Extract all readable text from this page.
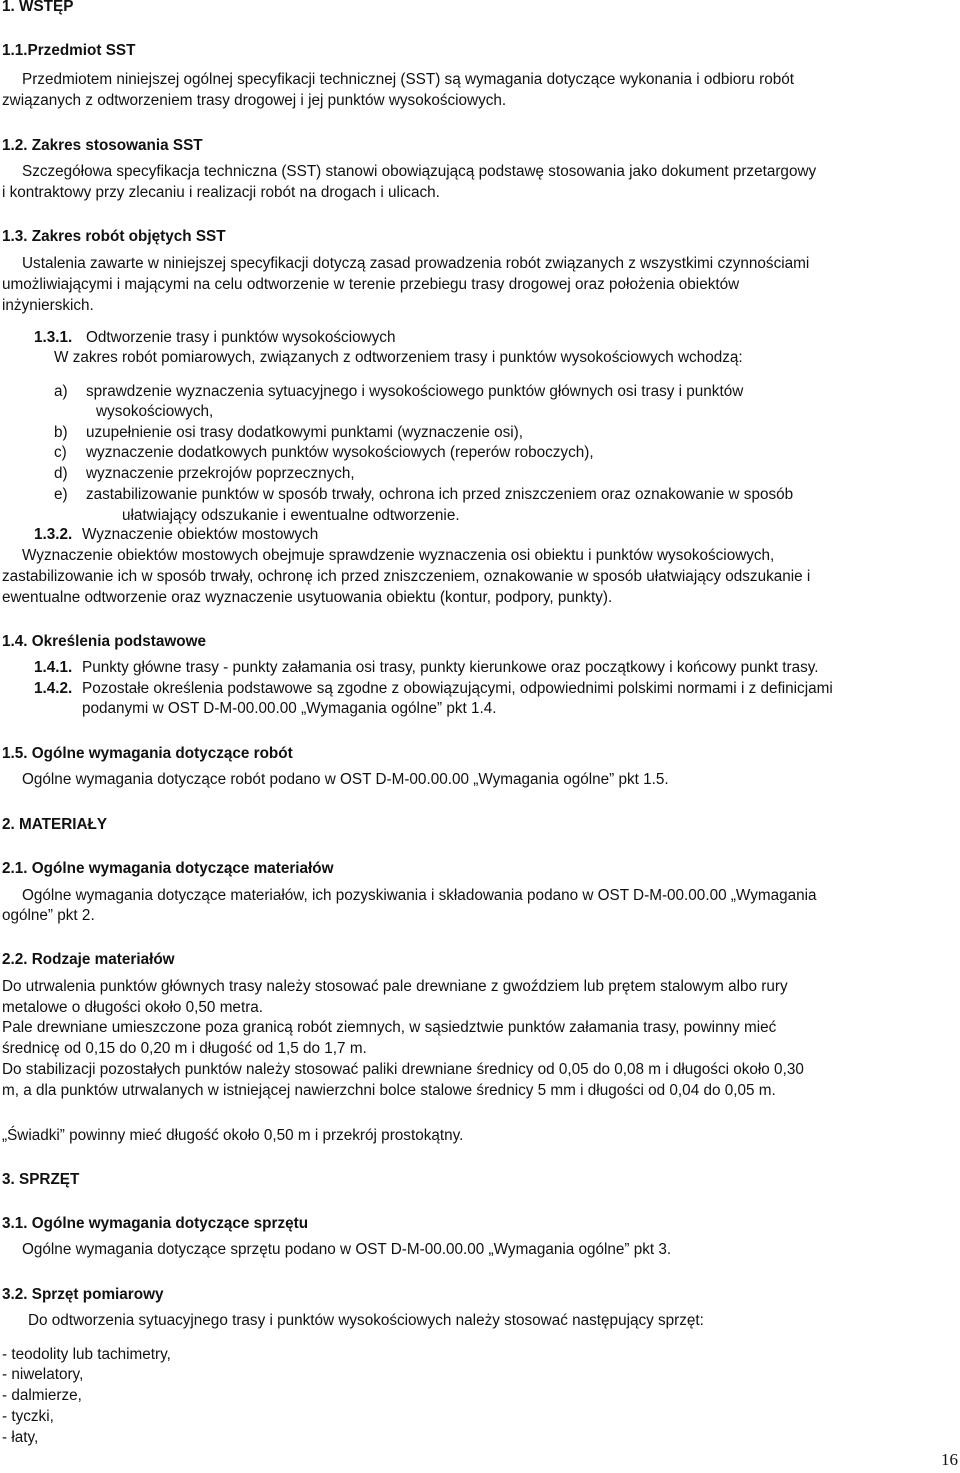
1. WSTĘP
1.1.Przedmiot SST
Przedmiotem niniejszej ogólnej specyfikacji technicznej (SST) są wymagania dotyczące wykonania i odbioru robót
związanych z odtworzeniem trasy drogowej i jej punktów wysokościowych.
1.2. Zakres stosowania SST
Szczegółowa specyfikacja techniczna (SST) stanowi obowiązującą podstawę stosowania jako dokument przetargowy
i kontraktowy przy zlecaniu i realizacji robót na drogach i ulicach.
1.3. Zakres robót objętych SST
Ustalenia zawarte w niniejszej specyfikacji dotyczą zasad prowadzenia robót związanych z wszystkimi czynnościami
umożliwiającymi i mającymi na celu odtworzenie w terenie przebiegu trasy drogowej oraz położenia obiektów
inżynierskich.
1.3.1. Odtworzenie trasy i punktów wysokościowych
W zakres robót pomiarowych, związanych z odtworzeniem trasy i punktów wysokościowych wchodzą:
a) sprawdzenie wyznaczenia sytuacyjnego i wysokościowego punktów głównych osi trasy i punktów
wysokościowych,
b) uzupełnienie osi trasy dodatkowymi punktami (wyznaczenie osi),
c) wyznaczenie dodatkowych punktów wysokościowych (reperów roboczych),
d) wyznaczenie przekrojów poprzecznych,
e) zastabilizowanie punktów w sposób trwały, ochrona ich przed zniszczeniem oraz oznakowanie w sposób
ułatwiający odszukanie i ewentualne odtworzenie.
1.3.2. Wyznaczenie obiektów mostowych
Wyznaczenie obiektów mostowych obejmuje sprawdzenie wyznaczenia osi obiektu i punktów wysokościowych,
zastabilizowanie ich w sposób trwały, ochronę ich przed zniszczeniem, oznakowanie w sposób ułatwiający odszukanie i
ewentualne odtworzenie oraz wyznaczenie usytuowania obiektu (kontur, podpory, punkty).
1.4. Określenia podstawowe
1.4.1. Punkty główne trasy - punkty załamania osi trasy, punkty kierunkowe oraz początkowy i końcowy punkt trasy.
1.4.2. Pozostałe określenia podstawowe są zgodne z obowiązującymi, odpowiednimi polskimi normami i z definicjami
podanymi w OST D-M-00.00.00 „Wymagania ogólne” pkt 1.4.
1.5. Ogólne wymagania dotyczące robót
Ogólne wymagania dotyczące robót podano w OST D-M-00.00.00 „Wymagania ogólne” pkt 1.5.
2. MATERIAŁY
2.1. Ogólne wymagania dotyczące materiałów
Ogólne wymagania dotyczące materiałów, ich pozyskiwania i składowania podano w OST D-M-00.00.00 „Wymagania
ogólne” pkt 2.
2.2. Rodzaje materiałów
Do utrwalenia punktów głównych trasy należy stosować pale drewniane z gwoździem lub prętem stalowym albo rury
metalowe o długości około 0,50 metra.
Pale drewniane umieszczone poza granicą robót ziemnych, w sąsiedztwie punktów załamania trasy, powinny mieć
średnicę od 0,15 do 0,20 m i długość od 1,5 do 1,7 m.
Do stabilizacji pozostałych punktów należy stosować paliki drewniane średnicy od 0,05 do 0,08 m i długości około 0,30
m, a dla punktów utrwalanych w istniejącej nawierzchni bolce stalowe średnicy 5 mm i długości od 0,04 do 0,05 m.
„Świadki” powinny mieć długość około 0,50 m i przekrój prostokątny.
3. SPRZĘT
3.1. Ogólne wymagania dotyczące sprzętu
Ogólne wymagania dotyczące sprzętu podano w OST D-M-00.00.00 „Wymagania ogólne” pkt 3.
3.2. Sprzęt pomiarowy
Do odtworzenia sytuacyjnego trasy i punktów wysokościowych należy stosować następujący sprzęt:
- teodolity lub tachimetry,
- niwelatory,
- dalmierze,
- tyczki,
- łaty,
16
